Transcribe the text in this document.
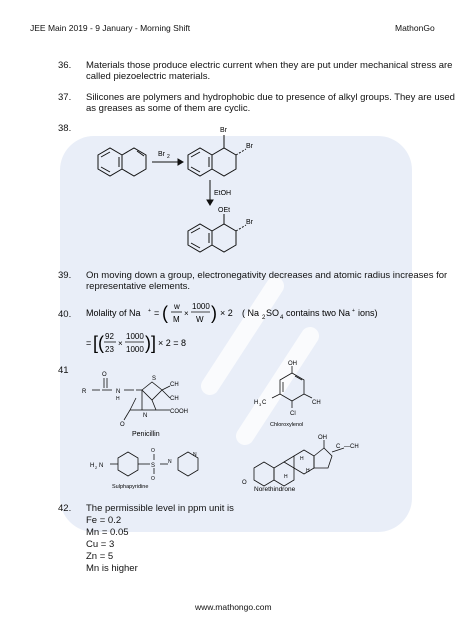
JEE Main 2019 - 9 January - Morning Shift	MathonGo
36. Materials those produce electric current when they are put under mechanical stress are
called piezoelectric materials.
37. Silicones are polymers and hydrophobic due to presence of alkyl groups. They are used
as greases as some of them are cyclic.
38.
Br 2
Br
Br
EtOH
OEt
Br
39. On moving down a group, electronegativity decreases and atomic radius increases for
representative elements.
40. Molality of Na + = ( w
M
×
1000
W ) × 2 ( Na 2 SO 4 contains two Na + ions)
= [ ( 92
23
×
1000
1000 ) ] × 2 = 8
41
R	N
H
O
S
CH
CH
COOH
O
N
Penicillin
OH
H 3 C	CH
Cl
Chloroxylenol
H 2 N	S
O
O
N
N
Sulphapyridine
O
OH
C —CH
H
H
H
Norethindrone
42. The permissible level in ppm unit is
Fe = 0.2
Mn = 0.05
Cu = 3
Zn = 5
Mn is higher
www.mathongo.com
